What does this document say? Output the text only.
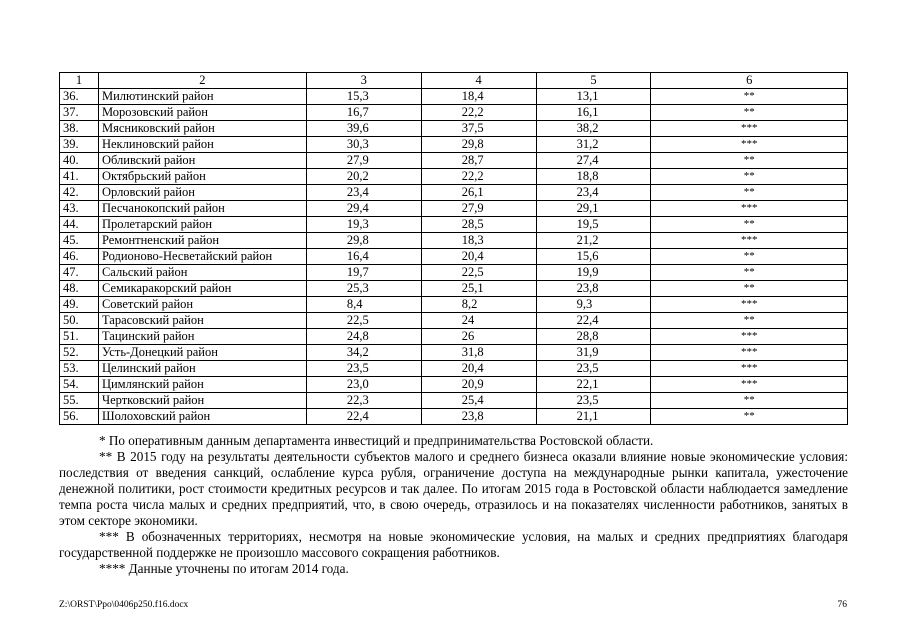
1	2	3	4	5	6
36.	Милютинский район	15,3	18,4	13,1	**
37.	Морозовский район	16,7	22,2	16,1	**
38.	Мясниковский район	39,6	37,5	38,2	***
39.	Неклиновский район	30,3	29,8	31,2	***
40.	Обливский район	27,9	28,7	27,4	**
41.	Октябрьский район	20,2	22,2	18,8	**
42.	Орловский район	23,4	26,1	23,4	**
43.	Песчанокопский район	29,4	27,9	29,1	***
44.	Пролетарский район	19,3	28,5	19,5	**
45.	Ремонтненский район	29,8	18,3	21,2	***
46.	Родионово-Несветайский район	16,4	20,4	15,6	**
47.	Сальский район	19,7	22,5	19,9	**
48.	Семикаракорский район	25,3	25,1	23,8	**
49.	Советский район	8,4	8,2	9,3	***
50.	Тарасовский район	22,5	24	22,4	**
51.	Тацинский район	24,8	26	28,8	***
52.	Усть-Донецкий район	34,2	31,8	31,9	***
53.	Целинский район	23,5	20,4	23,5	***
54.	Цимлянский район	23,0	20,9	22,1	***
55.	Чертковский район	22,3	25,4	23,5	**
56.	Шолоховский район	22,4	23,8	21,1	**

* По оперативным данным департамента инвестиций и предпринимательства Ростовской области.

** В 2015 году на результаты деятельности субъектов малого и среднего бизнеса оказали влияние новые экономические условия: последствия от введения санкций, ослабление курса рубля, ограничение доступа на международные рынки капитала, ужесточение денежной политики, рост стоимости кредитных ресурсов и так далее. По итогам 2015 года в Ростовской области наблюдается замедление темпа роста числа малых и средних предприятий, что, в свою очередь, отразилось и на показателях численности работников, занятых в этом секторе экономики.

*** В обозначенных территориях, несмотря на новые экономические условия, на малых и средних предприятиях благодаря государственной поддержке не произошло массового сокращения работников.

**** Данные уточнены по итогам 2014 года.

Z:\ORST\Ppo\0406p250.f16.docx	76
